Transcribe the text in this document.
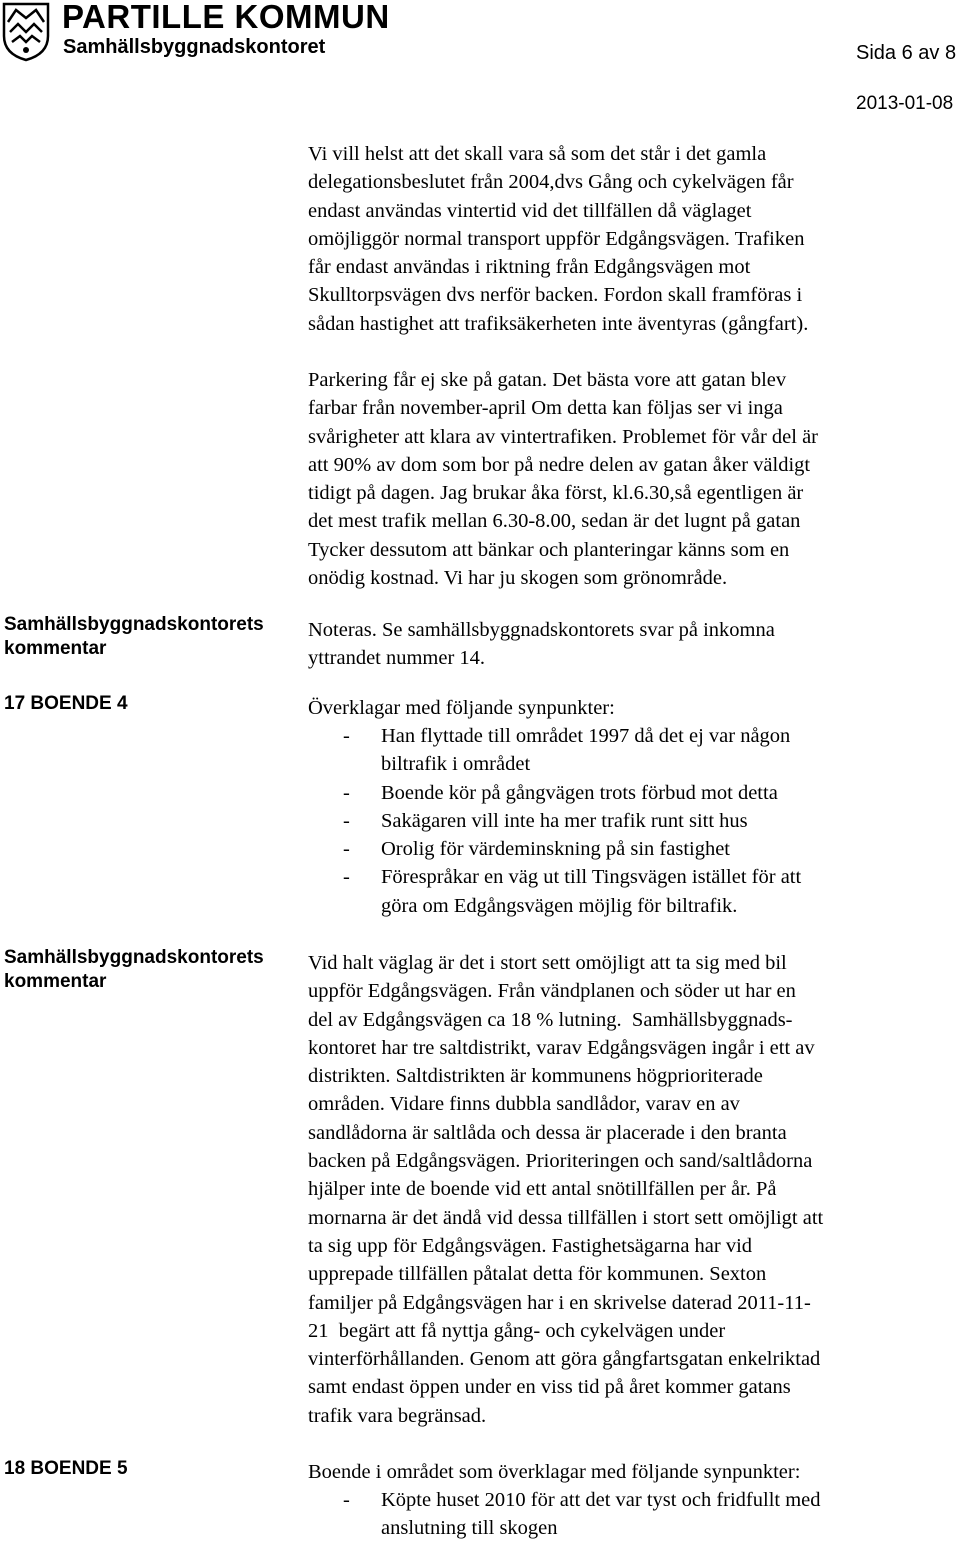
PARTILLE KOMMUN
Samhällsbyggnadskontoret	Sida 6 av 8
2013-01-08
Vi vill helst att det skall vara så som det står i det gamla
delegationsbeslutet från 2004,dvs Gång och cykelvägen får
endast användas vintertid vid det tillfällen då väglaget
omöjliggör normal transport uppför Edgångsvägen. Trafiken
får endast användas i riktning från Edgångsvägen mot
Skulltorpsvägen dvs nerför backen. Fordon skall framföras i
sådan hastighet att trafiksäkerheten inte äventyras (gångfart).
Parkering får ej ske på gatan. Det bästa vore att gatan blev
farbar från november-april Om detta kan följas ser vi inga
svårigheter att klara av vintertrafiken. Problemet för vår del är
att 90% av dom som bor på nedre delen av gatan åker väldigt
tidigt på dagen. Jag brukar åka först, kl.6.30,så egentligen är
det mest trafik mellan 6.30-8.00, sedan är det lugnt på gatan
Tycker dessutom att bänkar och planteringar känns som en
onödig kostnad. Vi har ju skogen som grönområde.
Samhällsbyggnadskontorets
kommentar
Noteras. Se samhällsbyggnadskontorets svar på inkomna
yttrandet nummer 14.
17 BOENDE 4	Överklagar med följande synpunkter:
-	Han flyttade till området 1997 då det ej var någon
biltrafik i området
-	Boende kör på gångvägen trots förbud mot detta
-	Sakägaren vill inte ha mer trafik runt sitt hus
-	Orolig för värdeminskning på sin fastighet
-	Förespråkar en väg ut till Tingsvägen istället för att
göra om Edgångsvägen möjlig för biltrafik.
Samhällsbyggnadskontorets
kommentar
Vid halt väglag är det i stort sett omöjligt att ta sig med bil
uppför Edgångsvägen. Från vändplanen och söder ut har en
del av Edgångsvägen ca 18 % lutning.  Samhällsbyggnads-
kontoret har tre saltdistrikt, varav Edgångsvägen ingår i ett av
distrikten. Saltdistrikten är kommunens högprioriterade
områden. Vidare finns dubbla sandlådor, varav en av
sandlådorna är saltlåda och dessa är placerade i den branta
backen på Edgångsvägen. Prioriteringen och sand/saltlådorna
hjälper inte de boende vid ett antal snötillfällen per år. På
mornarna är det ändå vid dessa tillfällen i stort sett omöjligt att
ta sig upp för Edgångsvägen. Fastighetsägarna har vid
upprepade tillfällen påtalat detta för kommunen. Sexton
familjer på Edgångsvägen har i en skrivelse daterad 2011-11-
21  begärt att få nyttja gång- och cykelvägen under
vinterförhållanden. Genom att göra gångfartsgatan enkelriktad
samt endast öppen under en viss tid på året kommer gatans
trafik vara begränsad.
18 BOENDE 5	Boende i området som överklagar med följande synpunkter:
-	Köpte huset 2010 för att det var tyst och fridfullt med
anslutning till skogen
